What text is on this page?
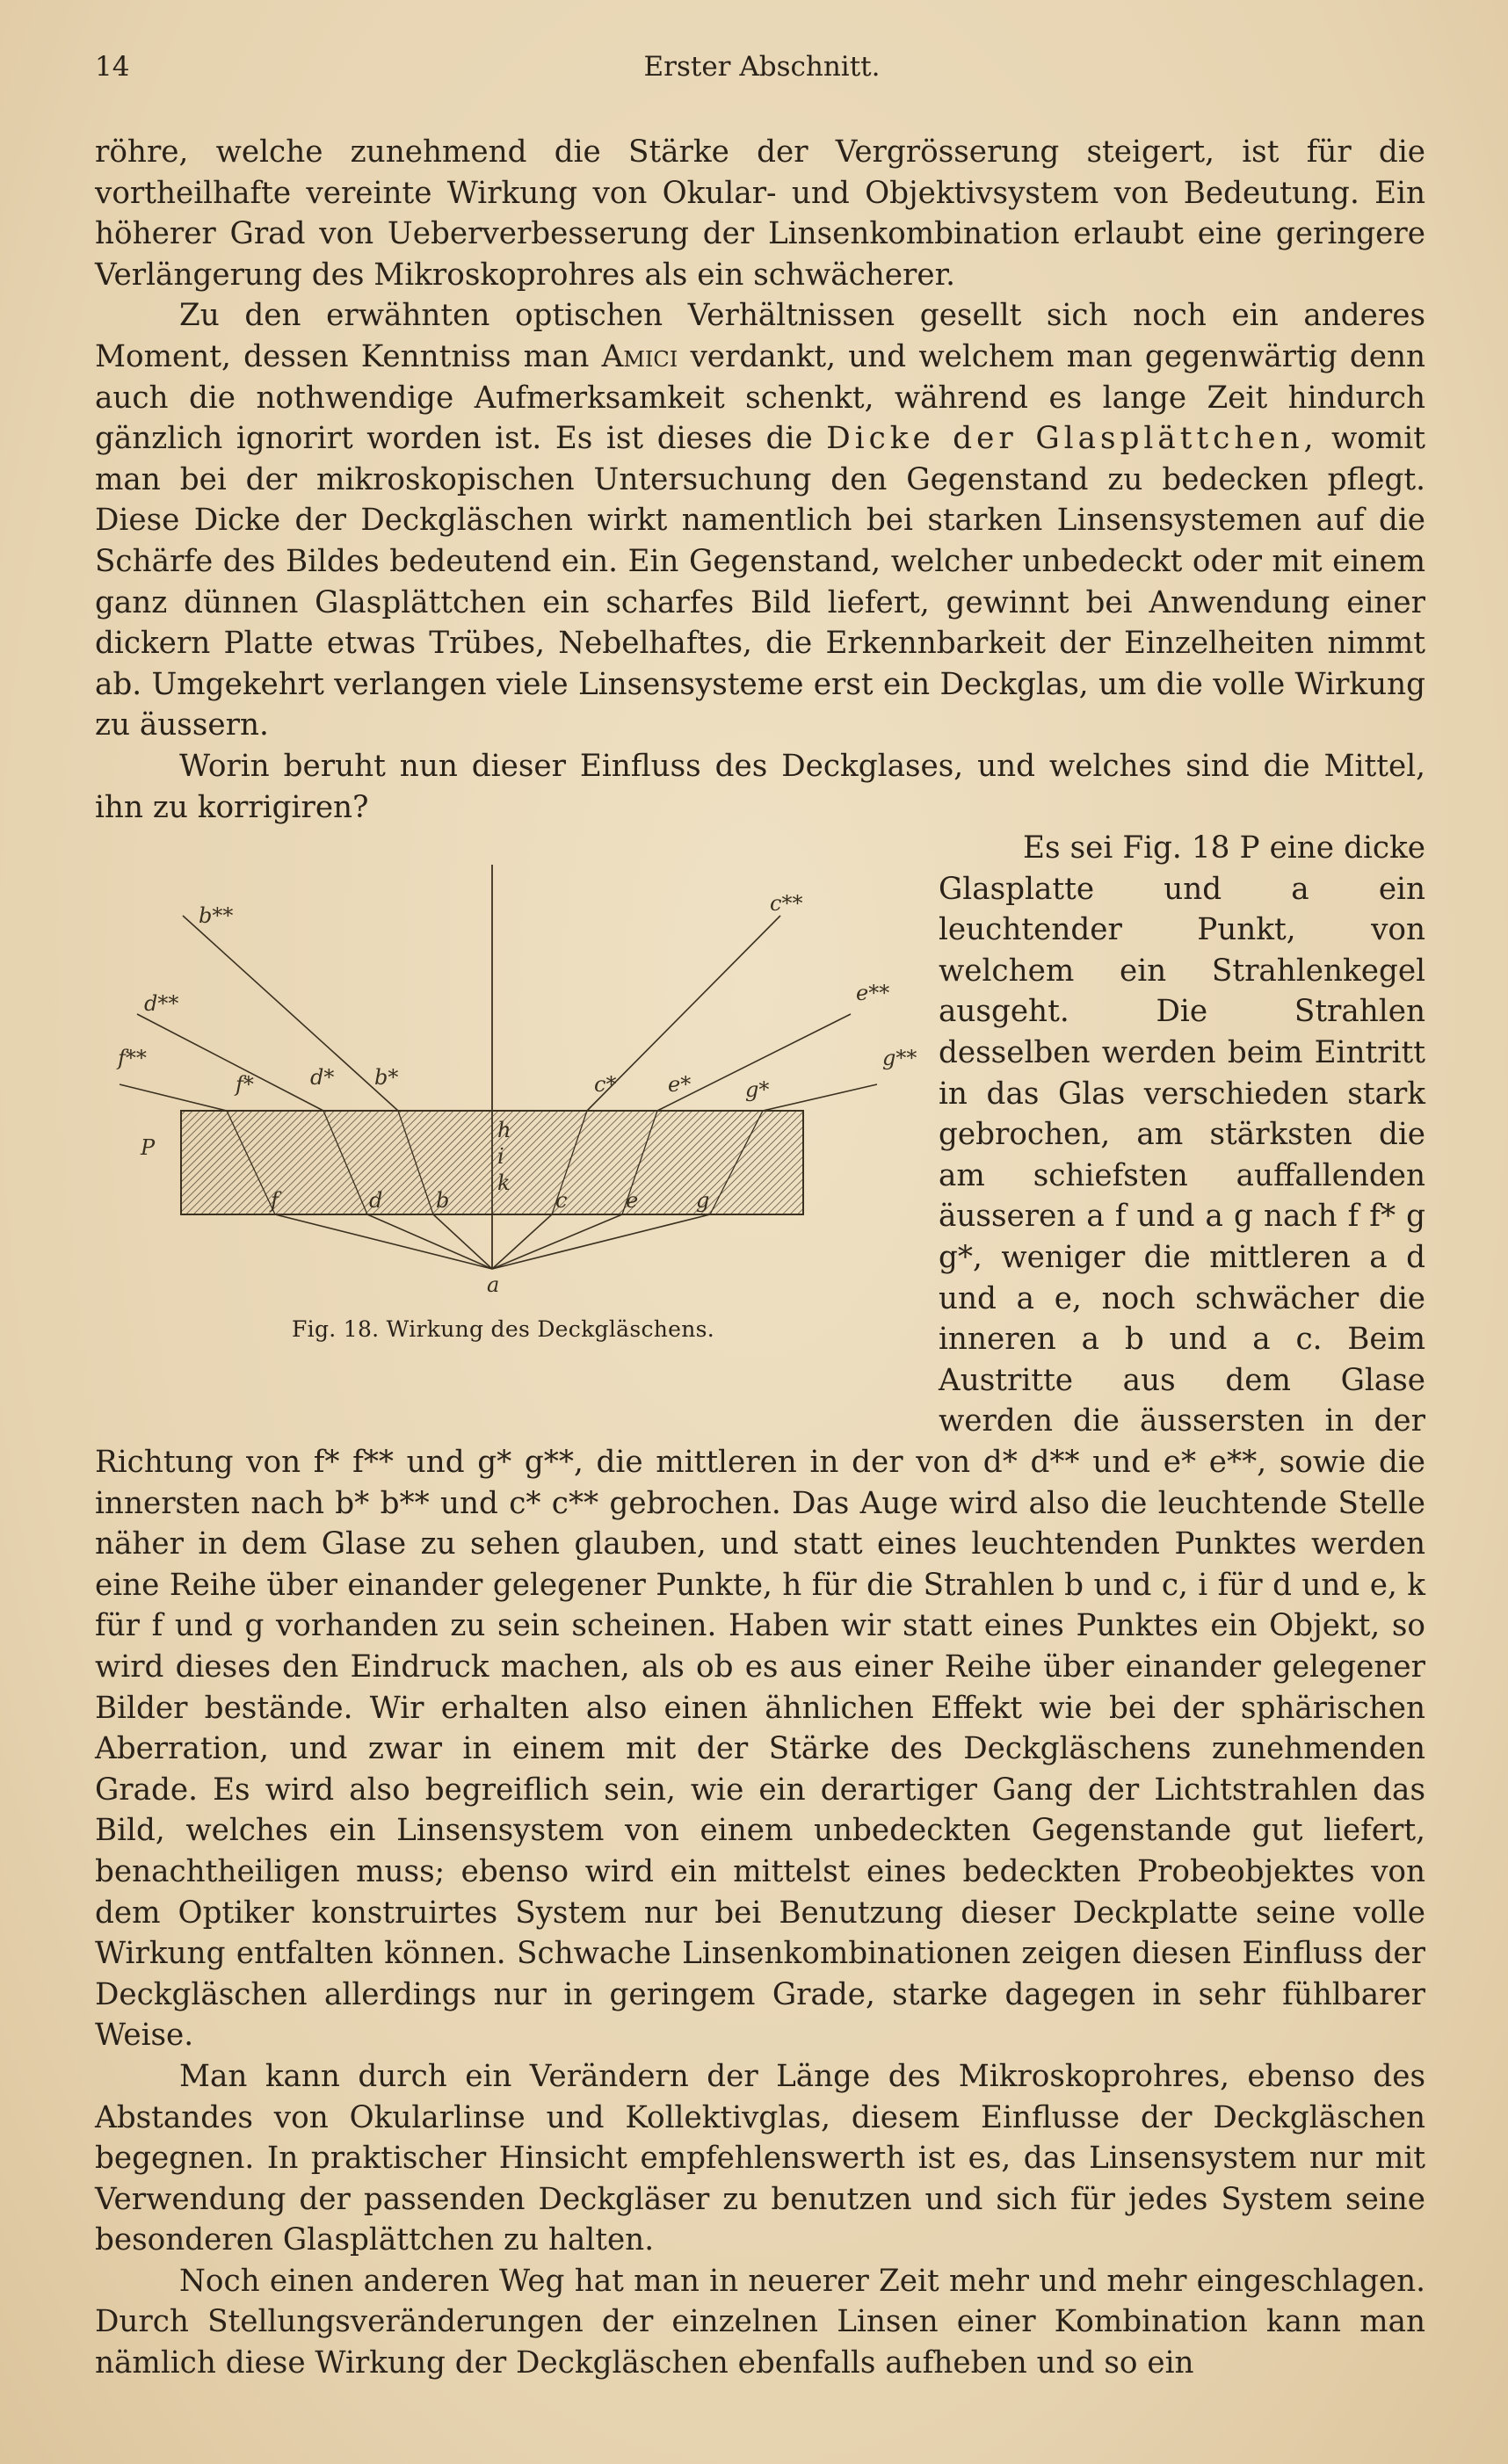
14	Erster Abschnitt.

röhre, welche zunehmend die Stärke der Vergrösserung steigert, ist für die vortheilhafte vereinte Wirkung von Okular- und Objektivsystem von Bedeutung. Ein höherer Grad von Ueberverbesserung der Linsenkombination erlaubt eine geringere Verlängerung des Mikroskoprohres als ein schwächerer.

Zu den erwähnten optischen Verhältnissen gesellt sich noch ein anderes Moment, dessen Kenntniss man Amici verdankt, und welchem man gegenwärtig denn auch die nothwendige Aufmerksamkeit schenkt, während es lange Zeit hindurch gänzlich ignorirt worden ist. Es ist dieses die Dicke der Glasplättchen, womit man bei der mikroskopischen Untersuchung den Gegenstand zu bedecken pflegt. Diese Dicke der Deckgläschen wirkt namentlich bei starken Linsensystemen auf die Schärfe des Bildes bedeutend ein. Ein Gegenstand, welcher unbedeckt oder mit einem ganz dünnen Glasplättchen ein scharfes Bild liefert, gewinnt bei Anwendung einer dickern Platte etwas Trübes, Nebelhaftes, die Erkennbarkeit der Einzelheiten nimmt ab. Umgekehrt verlangen viele Linsensysteme erst ein Deckglas, um die volle Wirkung zu äussern.

Worin beruht nun dieser Einfluss des Deckglases, und welches sind die Mittel, ihn zu korrigiren?

b**	c**
d**	e**
f**	g**
f*	d* b*	c* e*	g*
P
f	d	b
h
i
k
c	e	g
a
Fig. 18. Wirkung des Deckgläschens.

Es sei Fig. 18 P eine dicke Glasplatte und a ein leuchtender Punkt, von welchem ein Strahlenkegel ausgeht. Die Strahlen desselben werden beim Eintritt in das Glas verschieden stark gebrochen, am stärksten die am schiefsten auffallenden äusseren a f und a g nach f f* g g*, weniger die mittleren a d und a e, noch schwächer die inneren a b und a c. Beim Austritte aus dem Glase werden die äussersten in der Richtung von f* f** und g* g**, die mittleren in der von d* d** und e* e**, sowie die innersten nach b* b** und c* c** gebrochen. Das Auge wird also die leuchtende Stelle näher in dem Glase zu sehen glauben, und statt eines leuchtenden Punktes werden eine Reihe über einander gelegener Punkte, h für die Strahlen b und c, i für d und e, k für f und g vorhanden zu sein scheinen. Haben wir statt eines Punktes ein Objekt, so wird dieses den Eindruck machen, als ob es aus einer Reihe über einander gelegener Bilder bestände. Wir erhalten also einen ähnlichen Effekt wie bei der sphärischen Aberration, und zwar in einem mit der Stärke des Deckgläschens zunehmenden Grade. Es wird also begreiflich sein, wie ein derartiger Gang der Lichtstrahlen das Bild, welches ein Linsensystem von einem unbedeckten Gegenstande gut liefert, benachtheiligen muss; ebenso wird ein mittelst eines bedeckten Probeobjektes von dem Optiker konstruirtes System nur bei Benutzung dieser Deckplatte seine volle Wirkung entfalten können. Schwache Linsenkombinationen zeigen diesen Einfluss der Deckgläschen allerdings nur in geringem Grade, starke dagegen in sehr fühlbarer Weise.

Man kann durch ein Verändern der Länge des Mikroskoprohres, ebenso des Abstandes von Okularlinse und Kollektivglas, diesem Einflusse der Deckgläschen begegnen. In praktischer Hinsicht empfehlenswerth ist es, das Linsensystem nur mit Verwendung der passenden Deckgläser zu benutzen und sich für jedes System seine besonderen Glasplättchen zu halten.

Noch einen anderen Weg hat man in neuerer Zeit mehr und mehr eingeschlagen. Durch Stellungsveränderungen der einzelnen Linsen einer Kombination kann man nämlich diese Wirkung der Deckgläschen ebenfalls aufheben und so ein
